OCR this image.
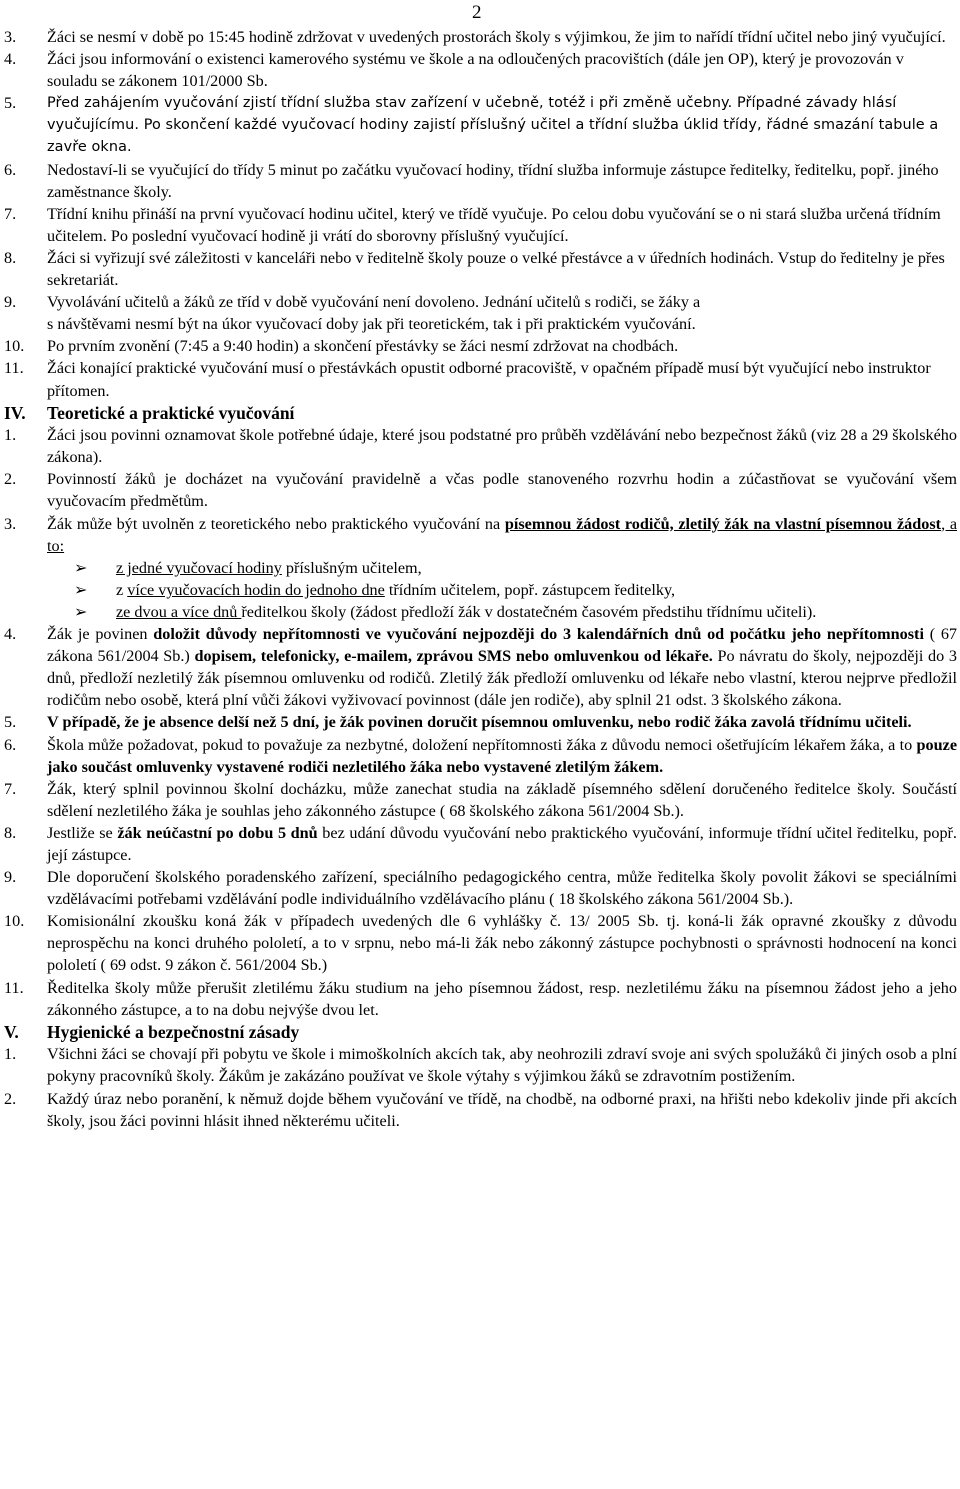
2
3.	Žáci se nesmí v době po 15:45 hodině zdržovat v uvedených prostorách školy s výjimkou, že jim to nařídí třídní učitel nebo jiný vyučující.
4.	Žáci jsou informování o existenci kamerového systému ve škole a na odloučených pracovištích (dále jen OP), který je provozován v souladu se zákonem 101/2000 Sb.
5.	Před zahájením vyučování zjistí třídní služba stav zařízení v učebně, totéž i při změně učebny. Případné závady hlásí vyučujícímu. Po skončení každé vyučovací hodiny zajistí příslušný učitel a třídní služba úklid třídy, řádné smazání tabule a zavře okna.
6.	Nedostaví-li se vyučující do třídy 5 minut po začátku vyučovací hodiny, třídní služba informuje zástupce ředitelky, ředitelku, popř. jiného zaměstnance školy.
7.	Třídní knihu přináší na první vyučovací hodinu učitel, který ve třídě vyučuje. Po celou dobu vyučování se o ni stará služba určená třídním učitelem. Po poslední vyučovací hodině ji vrátí do sborovny příslušný vyučující.
8.	Žáci si vyřizují své záležitosti v kanceláři nebo v ředitelně školy pouze o velké přestávce a v úředních hodinách. Vstup do ředitelny je přes sekretariát.
9.	Vyvolávání učitelů a žáků ze tříd v době vyučování není dovoleno. Jednání učitelů s rodiči, se žáky a
s návštěvami nesmí být na úkor vyučovací doby jak při teoretickém, tak i při praktickém vyučování.
10.	Po prvním zvonění (7:45 a 9:40 hodin) a skončení přestávky se žáci nesmí zdržovat na chodbách.
11.	Žáci konající praktické vyučování musí o přestávkách opustit odborné pracoviště, v opačném případě musí být vyučující nebo instruktor přítomen.
IV.	Teoretické a praktické vyučování
1.	Žáci jsou povinni oznamovat škole potřebné údaje, které jsou podstatné pro průběh vzdělávání nebo bezpečnost žáků (viz 28 a 29 školského zákona).
2.	Povinností žáků je docházet na vyučování pravidelně a včas podle stanoveného rozvrhu hodin a zúčastňovat se vyučování všem vyučovacím předmětům.
3.	Žák může být uvolněn z teoretického nebo praktického vyučování na písemnou žádost rodičů, zletilý žák na vlastní písemnou žádost, a to:
➢	z jedné vyučovací hodiny příslušným učitelem,
➢	z více vyučovacích hodin do jednoho dne třídním učitelem, popř. zástupcem ředitelky,
➢	ze dvou a více dnů ředitelkou školy (žádost předloží žák v dostatečném časovém předstihu třídnímu učiteli).
4.	Žák je povinen doložit důvody nepřítomnosti ve vyučování nejpozději do 3 kalendářních dnů od počátku jeho nepřítomnosti ( 67 zákona 561/2004 Sb.) dopisem, telefonicky, e-mailem, zprávou SMS nebo omluvenkou od lékaře. Po návratu do školy, nejpozději do 3 dnů, předloží nezletilý žák písemnou omluvenku od rodičů. Zletilý žák předloží omluvenku od lékaře nebo vlastní, kterou nejprve předložil rodičům nebo osobě, která plní vůči žákovi vyživovací povinnost (dále jen rodiče), aby splnil 21 odst. 3 školského zákona.
5.	V případě, že je absence delší než 5 dní, je žák povinen doručit písemnou omluvenku, nebo rodič žáka zavolá třídnímu učiteli.
6.	Škola může požadovat, pokud to považuje za nezbytné, doložení nepřítomnosti žáka z důvodu nemoci ošetřujícím lékařem žáka, a to pouze jako součást omluvenky vystavené rodiči nezletilého žáka nebo vystavené zletilým žákem.
7.	Žák, který splnil povinnou školní docházku, může zanechat studia na základě písemného sdělení doručeného ředitelce školy. Součástí sdělení nezletilého žáka je souhlas jeho zákonného zástupce ( 68 školského zákona 561/2004 Sb.).
8.	Jestliže se žák neúčastní po dobu 5 dnů bez udání důvodu vyučování nebo praktického vyučování, informuje třídní učitel ředitelku, popř. její zástupce.
9.	Dle doporučení školského poradenského zařízení, speciálního pedagogického centra, může ředitelka školy povolit žákovi se speciálními vzdělávacími potřebami vzdělávání podle individuálního vzdělávacího plánu ( 18 školského zákona 561/2004 Sb.).
10.	Komisionální zkoušku koná žák v případech uvedených dle 6 vyhlášky č. 13/ 2005 Sb. tj. koná-li žák opravné zkoušky z důvodu neprospěchu na konci druhého pololetí, a to v srpnu, nebo má-li žák nebo zákonný zástupce pochybnosti o správnosti hodnocení na konci pololetí ( 69 odst. 9 zákon č. 561/2004 Sb.)
11.	Ředitelka školy může přerušit zletilému žáku studium na jeho písemnou žádost, resp. nezletilému žáku na písemnou žádost jeho a jeho zákonného zástupce, a to na dobu nejvýše dvou let.
V.	Hygienické a bezpečnostní zásady
1.	Všichni žáci se chovají při pobytu ve škole i mimoškolních akcích tak, aby neohrozili zdraví svoje ani svých spolužáků či jiných osob a plní pokyny pracovníků školy. Žákům je zakázáno používat ve škole výtahy s výjimkou žáků se zdravotním postižením.
2.	Každý úraz nebo poranění, k němuž dojde během vyučování ve třídě, na chodbě, na odborné praxi, na hřišti nebo kdekoliv jinde při akcích školy, jsou žáci povinni hlásit ihned některému učiteli.
